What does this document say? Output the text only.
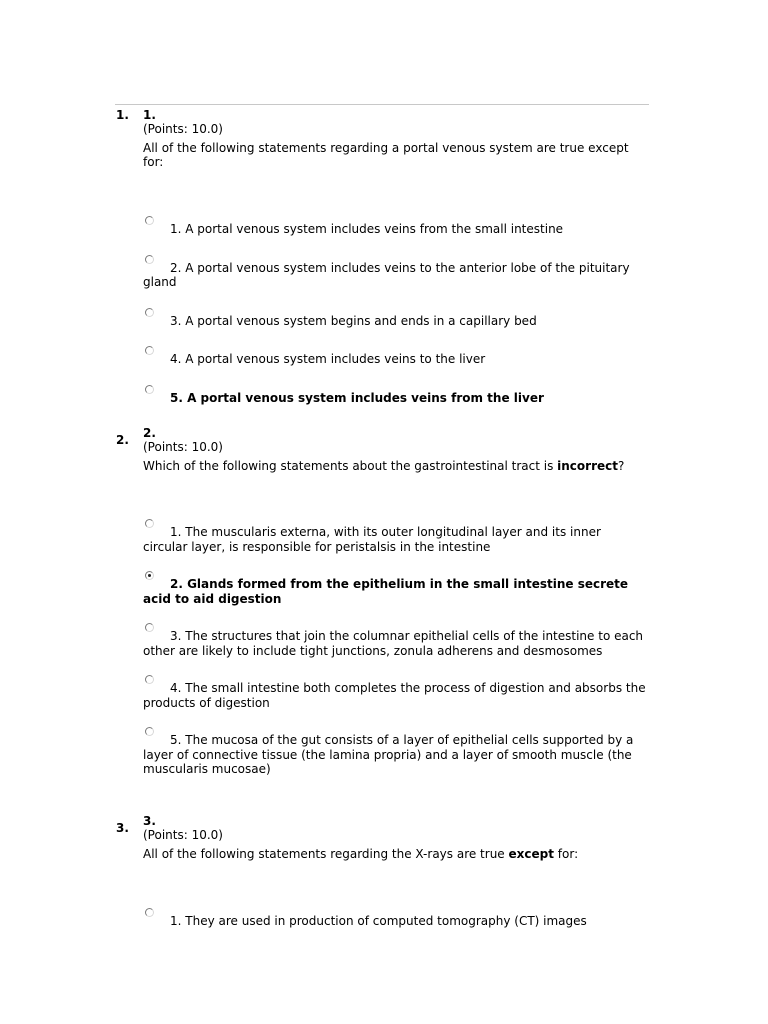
1. 1.
(Points: 10.0)
All of the following statements regarding a portal venous system are true except for:
1. A portal venous system includes veins from the small intestine
2. A portal venous system includes veins to the anterior lobe of the pituitary gland
3. A portal venous system begins and ends in a capillary bed
4. A portal venous system includes veins to the liver
5. A portal venous system includes veins from the liver
2. 2.
(Points: 10.0)
Which of the following statements about the gastrointestinal tract is incorrect?
1. The muscularis externa, with its outer longitudinal layer and its inner circular layer, is responsible for peristalsis in the intestine
2. Glands formed from the epithelium in the small intestine secrete acid to aid digestion
3. The structures that join the columnar epithelial cells of the intestine to each other are likely to include tight junctions, zonula adherens and desmosomes
4. The small intestine both completes the process of digestion and absorbs the products of digestion
5. The mucosa of the gut consists of a layer of epithelial cells supported by a layer of connective tissue (the lamina propria) and a layer of smooth muscle (the muscularis mucosae)
3. 3.
(Points: 10.0)
All of the following statements regarding the X-rays are true except for:
1. They are used in production of computed tomography (CT) images
